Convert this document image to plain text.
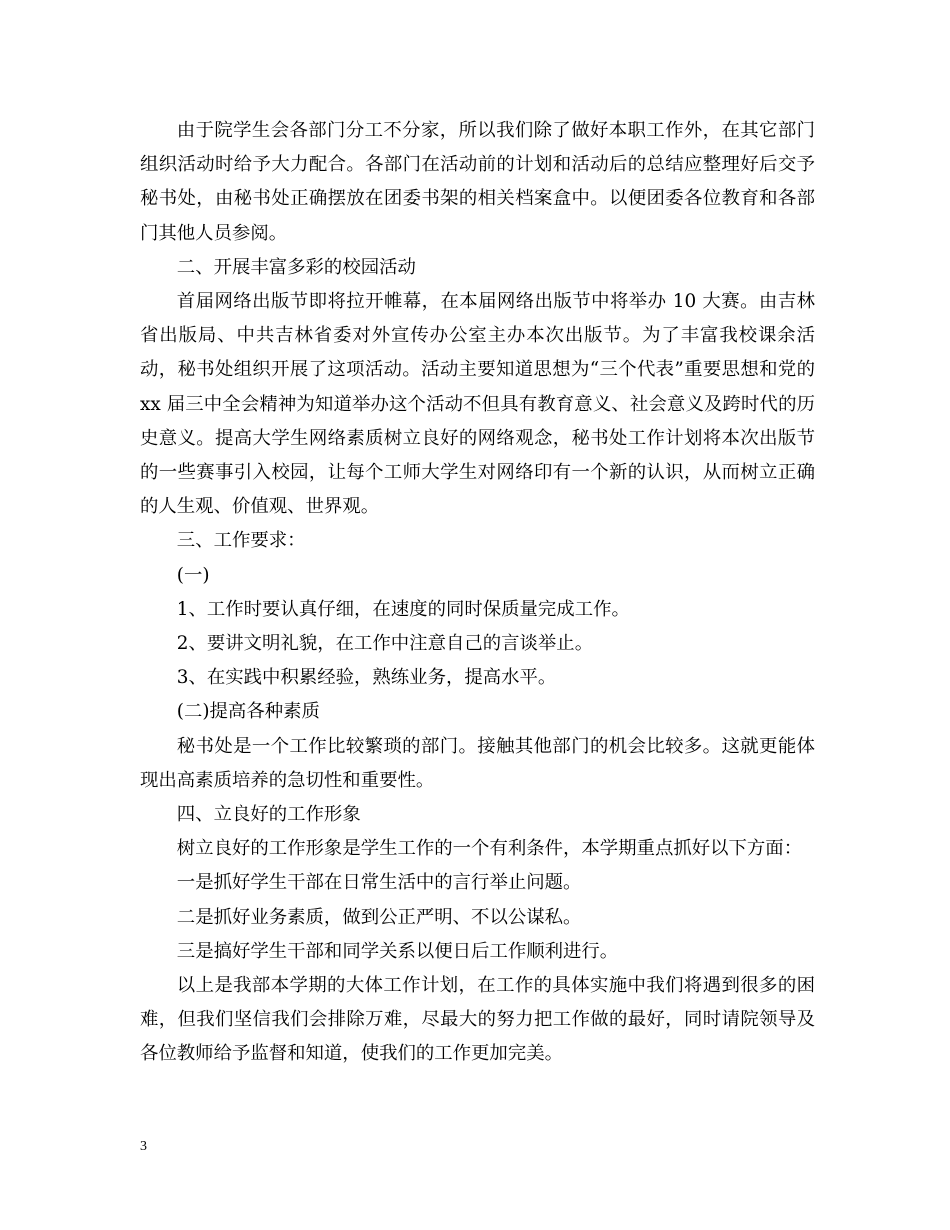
由于院学生会各部门分工不分家，所以我们除了做好本职工作外，在其它部门组织活动时给予大力配合。各部门在活动前的计划和活动后的总结应整理好后交予秘书处，由秘书处正确摆放在团委书架的相关档案盒中。以便团委各位教育和各部门其他人员参阅。

二、开展丰富多彩的校园活动

首届网络出版节即将拉开帷幕，在本届网络出版节中将举办 10 大赛。由吉林省出版局、中共吉林省委对外宣传办公室主办本次出版节。为了丰富我校课余活动，秘书处组织开展了这项活动。活动主要知道思想为“三个代表”重要思想和党的 xx 届三中全会精神为知道举办这个活动不但具有教育意义、社会意义及跨时代的历史意义。提高大学生网络素质树立良好的网络观念，秘书处工作计划将本次出版节的一些赛事引入校园，让每个工师大学生对网络印有一个新的认识，从而树立正确的人生观、价值观、世界观。

三、工作要求：

(一)

1、工作时要认真仔细，在速度的同时保质量完成工作。

2、要讲文明礼貌，在工作中注意自己的言谈举止。

3、在实践中积累经验，熟练业务，提高水平。

(二)提高各种素质

秘书处是一个工作比较繁琐的部门。接触其他部门的机会比较多。这就更能体现出高素质培养的急切性和重要性。

四、立良好的工作形象

树立良好的工作形象是学生工作的一个有利条件，本学期重点抓好以下方面：

一是抓好学生干部在日常生活中的言行举止问题。

二是抓好业务素质，做到公正严明、不以公谋私。

三是搞好学生干部和同学关系以便日后工作顺利进行。

以上是我部本学期的大体工作计划，在工作的具体实施中我们将遇到很多的困难，但我们坚信我们会排除万难，尽最大的努力把工作做的最好，同时请院领导及各位教师给予监督和知道，使我们的工作更加完美。

3
